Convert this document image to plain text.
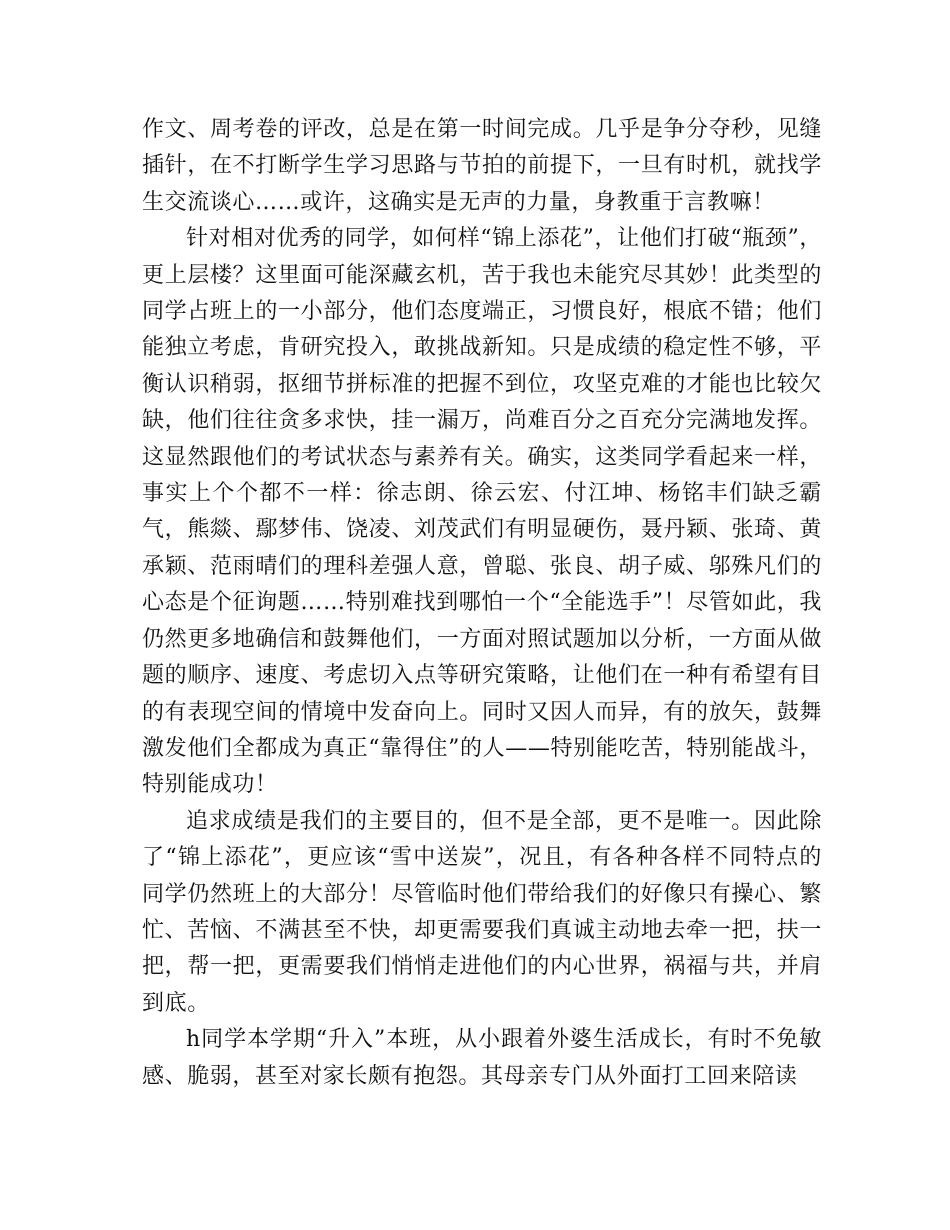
作文、周考卷的评改，总是在第一时间完成。几乎是争分夺秒，见缝插针，在不打断学生学习思路与节拍的前提下，一旦有时机，就找学生交流谈心……或许，这确实是无声的力量，身教重于言教嘛！

针对相对优秀的同学，如何样“锦上添花”，让他们打破“瓶颈”，更上层楼？这里面可能深藏玄机，苦于我也未能究尽其妙！此类型的同学占班上的一小部分，他们态度端正，习惯良好，根底不错；他们能独立考虑，肯研究投入，敢挑战新知。只是成绩的稳定性不够，平衡认识稍弱，抠细节拼标准的把握不到位，攻坚克难的才能也比较欠缺，他们往往贪多求快，挂一漏万，尚难百分之百充分完满地发挥。这显然跟他们的考试状态与素养有关。确实，这类同学看起来一样，事实上个个都不一样：徐志朗、徐云宏、付江坤、杨铭丰们缺乏霸气，熊燚、鄢梦伟、饶凌、刘茂武们有明显硬伤，聂丹颖、张琦、黄承颖、范雨晴们的理科差强人意，曾聪、张良、胡子威、邬殊凡们的心态是个征询题……特别难找到哪怕一个“全能选手”！尽管如此，我仍然更多地确信和鼓舞他们，一方面对照试题加以分析，一方面从做题的顺序、速度、考虑切入点等研究策略，让他们在一种有希望有目的有表现空间的情境中发奋向上。同时又因人而异，有的放矢，鼓舞激发他们全都成为真正“靠得住”的人——特别能吃苦，特别能战斗，特别能成功！

追求成绩是我们的主要目的，但不是全部，更不是唯一。因此除了“锦上添花”，更应该“雪中送炭”，况且，有各种各样不同特点的同学仍然班上的大部分！尽管临时他们带给我们的好像只有操心、繁忙、苦恼、不满甚至不快，却更需要我们真诚主动地去牵一把，扶一把，帮一把，更需要我们悄悄走进他们的内心世界，祸福与共，并肩到底。

h同学本学期“升入”本班，从小跟着外婆生活成长，有时不免敏感、脆弱，甚至对家长颇有抱怨。其母亲专门从外面打工回来陪读
